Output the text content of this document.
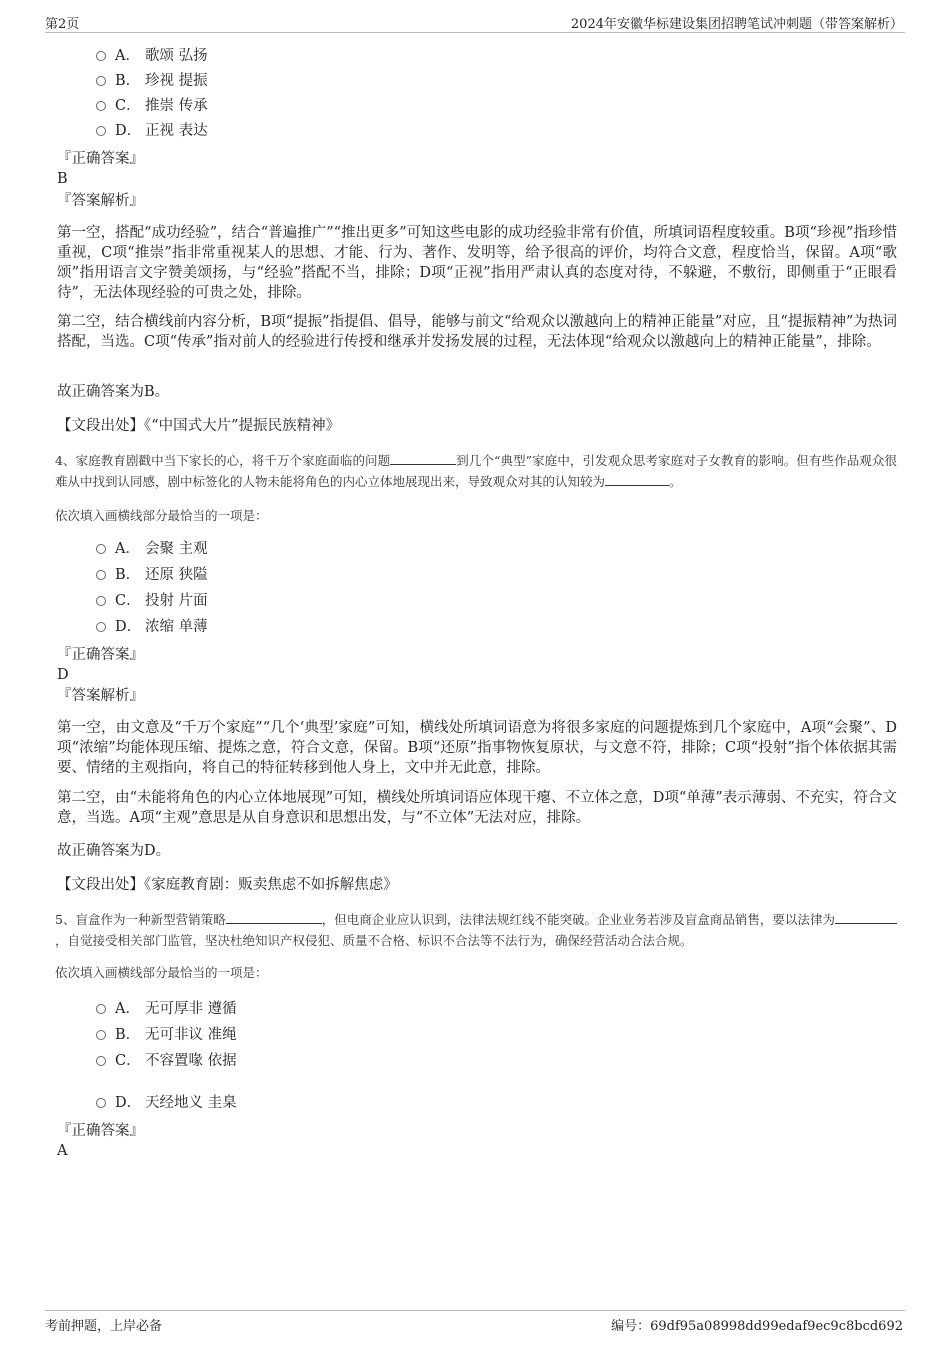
第2页	2024年安徽华标建设集团招聘笔试冲刺题（带答案解析）
A． 歌颂 弘扬
B． 珍视 提振
C． 推崇 传承
D． 正视 表达
『正确答案』
B
『答案解析』
第一空，搭配“成功经验”，结合“普遍推广”“推出更多”可知这些电影的成功经验非常有价值，所填词语程度较重。B项“珍视”指珍惜重视，C项“推崇”指非常重视某人的思想、才能、行为、著作、发明等，给予很高的评价，均符合文意，程度恰当，保留。A项“歌颂”指用语言文字赞美颂扬，与“经验”搭配不当，排除；D项“正视”指用严肃认真的态度对待，不躲避，不敷衍，即侧重于“正眼看待”，无法体现经验的可贵之处，排除。
第二空，结合横线前内容分析，B项“提振”指提倡、倡导，能够与前文“给观众以激越向上的精神正能量”对应，且“提振精神”为热词搭配，当选。C项“传承”指对前人的经验进行传授和继承并发扬发展的过程，无法体现“给观众以激越向上的精神正能量”，排除。
故正确答案为B。
【文段出处】《“中国式大片”提振民族精神》
4、家庭教育剧戳中当下家长的心，将千万个家庭面临的问题	到几个“典型”家庭中，引发观众思考家庭对子女教育的影响。但有些作品观众很难从中找到认同感，剧中标签化的人物未能将角色的内心立体地展现出来，导致观众对其的认知较为	。
依次填入画横线部分最恰当的一项是：
A． 会聚 主观
B． 还原 狭隘
C． 投射 片面
D． 浓缩 单薄
『正确答案』
D
『答案解析』
第一空，由文意及“千万个家庭”“几个‘典型’家庭”可知，横线处所填词语意为将很多家庭的问题提炼到几个家庭中，A项“会聚”、D项“浓缩”均能体现压缩、提炼之意，符合文意，保留。B项“还原”指事物恢复原状，与文意不符，排除；C项“投射”指个体依据其需要、情绪的主观指向，将自己的特征转移到他人身上，文中并无此意，排除。
第二空，由“未能将角色的内心立体地展现”可知，横线处所填词语应体现干瘪、不立体之意，D项“单薄”表示薄弱、不充实，符合文意，当选。A项“主观”意思是从自身意识和思想出发，与“不立体”无法对应，排除。
故正确答案为D。
【文段出处】《家庭教育剧：贩卖焦虑不如拆解焦虑》
5、盲盒作为一种新型营销策略	，但电商企业应认识到，法律法规红线不能突破。企业业务若涉及盲盒商品销售，要以法律为，自觉接受相关部门监管，坚决杜绝知识产权侵犯、质量不合格、标识不合法等不法行为，确保经营活动合法合规。
依次填入画横线部分最恰当的一项是：
A． 无可厚非 遵循
B． 无可非议 准绳
C． 不容置喙 依据
D． 天经地义 圭臬
『正确答案』
A
考前押题，上岸必备	编号：69df95a08998dd99edaf9ec9c8bcd692
